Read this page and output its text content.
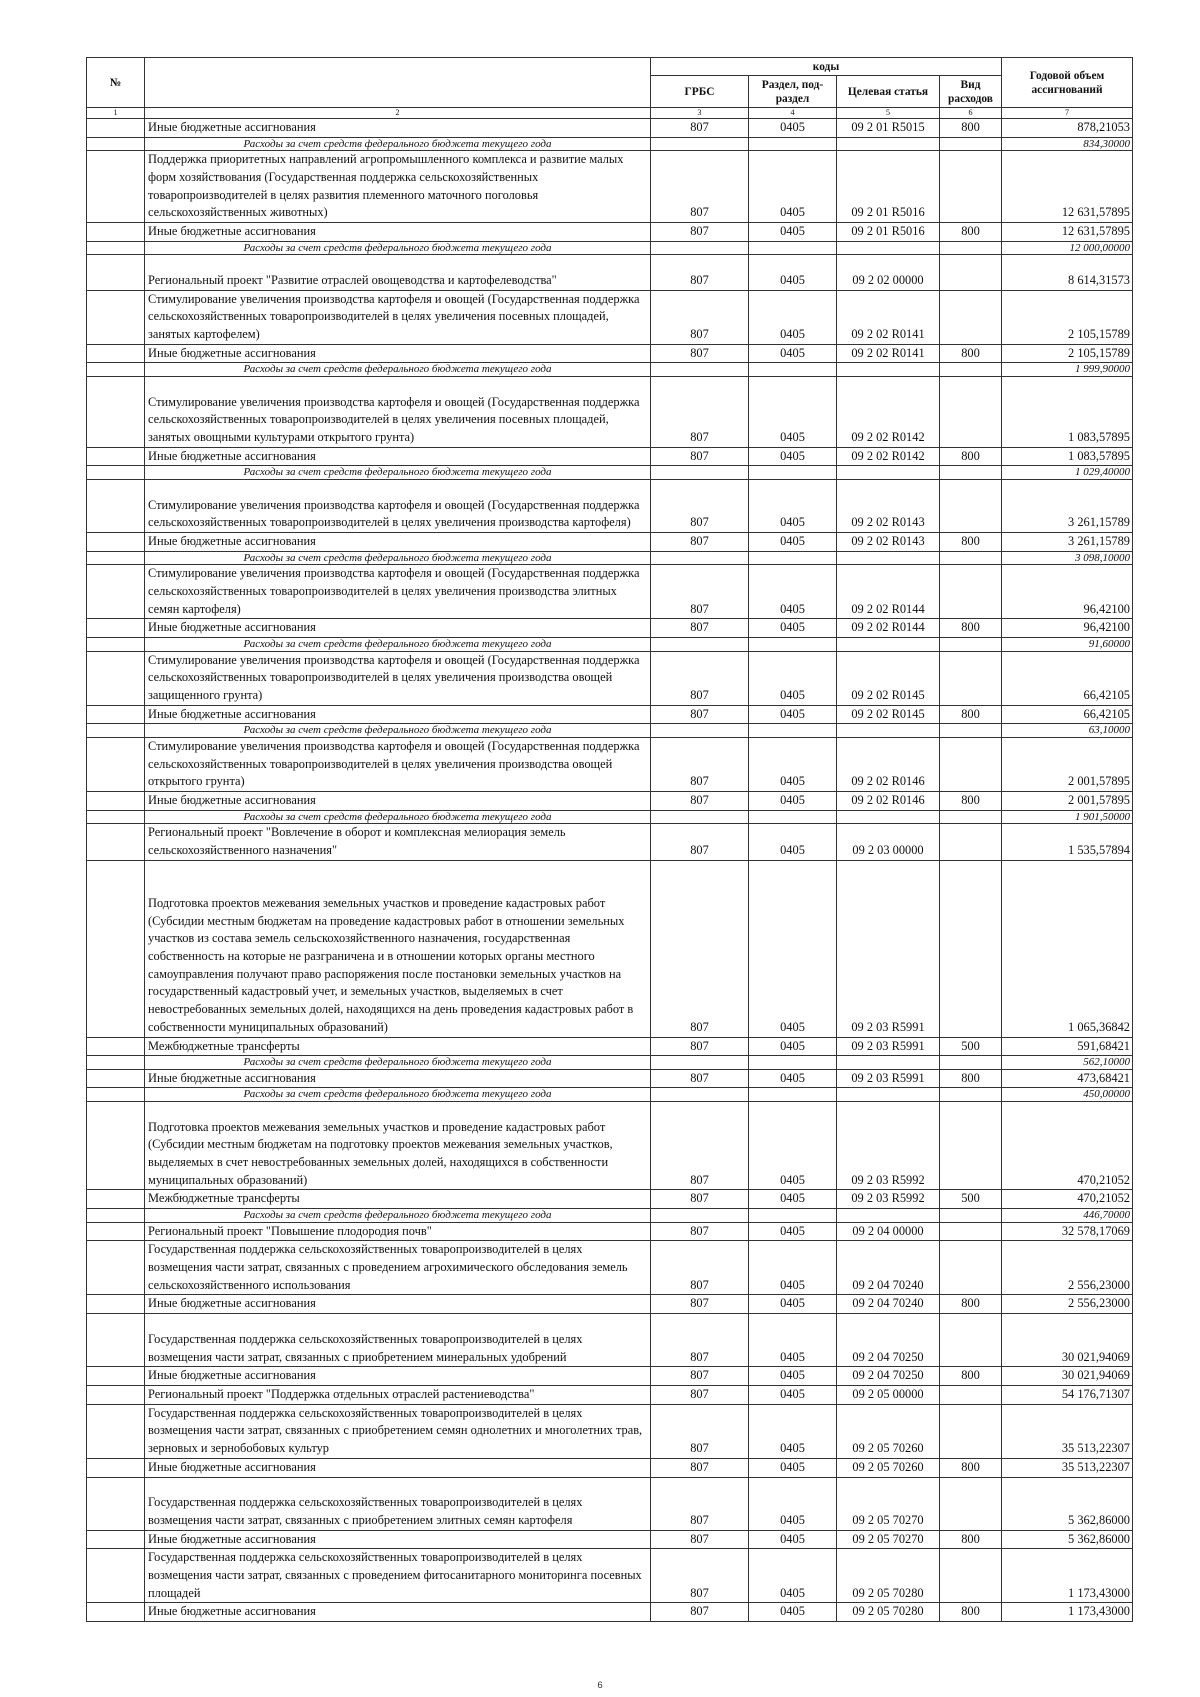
№		коды				Годовой объем ассигнований
		ГРБС	Раздел, под-раздел	Целевая статья	Вид расходов	
1	2	3	4	5	6	7
	Иные бюджетные ассигнования	807	0405	09 2 01 R5015	800	878,21053
	Расходы за счет средств федерального бюджета текущего года					834,30000
	Поддержка приоритетных направлений агропромышленного комплекса и развитие малых форм хозяйствования (Государственная поддержка сельскохозяйственных товаропроизводителей в целях развития племенного маточного поголовья сельскохозяйственных животных)	807	0405	09 2 01 R5016		12 631,57895
	Иные бюджетные ассигнования	807	0405	09 2 01 R5016	800	12 631,57895
	Расходы за счет средств федерального бюджета текущего года					12 000,00000
	Региональный проект "Развитие отраслей овощеводства и картофелеводства"	807	0405	09 2 02 00000		8 614,31573
	Стимулирование увеличения производства картофеля и овощей (Государственная поддержка сельскохозяйственных товаропроизводителей в целях увеличения посевных площадей, занятых картофелем)	807	0405	09 2 02 R0141		2 105,15789
	Иные бюджетные ассигнования	807	0405	09 2 02 R0141	800	2 105,15789
	Расходы за счет средств федерального бюджета текущего года					1 999,90000
	Стимулирование увеличения производства картофеля и овощей (Государственная поддержка сельскохозяйственных товаропроизводителей в целях увеличения посевных площадей, занятых овощными культурами открытого грунта)	807	0405	09 2 02 R0142		1 083,57895
	Иные бюджетные ассигнования	807	0405	09 2 02 R0142	800	1 083,57895
	Расходы за счет средств федерального бюджета текущего года					1 029,40000
	Стимулирование увеличения производства картофеля и овощей (Государственная поддержка сельскохозяйственных товаропроизводителей в целях увеличения производства картофеля)	807	0405	09 2 02 R0143		3 261,15789
	Иные бюджетные ассигнования	807	0405	09 2 02 R0143	800	3 261,15789
	Расходы за счет средств федерального бюджета текущего года					3 098,10000
	Стимулирование увеличения производства картофеля и овощей (Государственная поддержка сельскохозяйственных товаропроизводителей в целях увеличения производства элитных семян картофеля)	807	0405	09 2 02 R0144		96,42100
	Иные бюджетные ассигнования	807	0405	09 2 02 R0144	800	96,42100
	Расходы за счет средств федерального бюджета текущего года					91,60000
	Стимулирование увеличения производства картофеля и овощей (Государственная поддержка сельскохозяйственных товаропроизводителей в целях увеличения производства овощей защищенного грунта)	807	0405	09 2 02 R0145		66,42105
	Иные бюджетные ассигнования	807	0405	09 2 02 R0145	800	66,42105
	Расходы за счет средств федерального бюджета текущего года					63,10000
	Стимулирование увеличения производства картофеля и овощей (Государственная поддержка сельскохозяйственных товаропроизводителей в целях увеличения производства овощей открытого грунта)	807	0405	09 2 02 R0146		2 001,57895
	Иные бюджетные ассигнования	807	0405	09 2 02 R0146	800	2 001,57895
	Расходы за счет средств федерального бюджета текущего года					1 901,50000
	Региональный проект "Вовлечение в оборот и комплексная мелиорация земель сельскохозяйственного назначения"	807	0405	09 2 03 00000		1 535,57894
	Подготовка проектов межевания земельных участков и проведение кадастровых работ (Субсидии местным бюджетам на проведение кадастровых работ в отношении земельных участков из состава земель сельскохозяйственного назначения, государственная собственность на которые не разграничена и в отношении которых органы местного самоуправления получают право распоряжения после постановки земельных участков на государственный кадастровый учет, и земельных участков, выделяемых в счет невостребованных земельных долей, находящихся на день проведения кадастровых работ в собственности муниципальных образований)	807	0405	09 2 03 R5991		1 065,36842
	Межбюджетные трансферты	807	0405	09 2 03 R5991	500	591,68421
	Расходы за счет средств федерального бюджета текущего года					562,10000
	Иные бюджетные ассигнования	807	0405	09 2 03 R5991	800	473,68421
	Расходы за счет средств федерального бюджета текущего года					450,00000
	Подготовка проектов межевания земельных участков и проведение кадастровых работ (Субсидии местным бюджетам на подготовку проектов межевания земельных участков, выделяемых в счет невостребованных земельных долей, находящихся в собственности муниципальных образований)	807	0405	09 2 03 R5992		470,21052
	Межбюджетные трансферты	807	0405	09 2 03 R5992	500	470,21052
	Расходы за счет средств федерального бюджета текущего года					446,70000
	Региональный проект "Повышение плодородия почв"	807	0405	09 2 04 00000		32 578,17069
	Государственная поддержка сельскохозяйственных товаропроизводителей в целях возмещения части затрат, связанных с проведением агрохимического обследования земель сельскохозяйственного использования	807	0405	09 2 04 70240		2 556,23000
	Иные бюджетные ассигнования	807	0405	09 2 04 70240	800	2 556,23000
	Государственная поддержка сельскохозяйственных товаропроизводителей в целях возмещения части затрат, связанных с приобретением минеральных удобрений	807	0405	09 2 04 70250		30 021,94069
	Иные бюджетные ассигнования	807	0405	09 2 04 70250	800	30 021,94069
	Региональный проект "Поддержка отдельных отраслей растениеводства"	807	0405	09 2 05 00000		54 176,71307
	Государственная поддержка сельскохозяйственных товаропроизводителей в целях возмещения части затрат, связанных с приобретением семян однолетних и многолетних трав, зерновых и зернобобовых культур	807	0405	09 2 05 70260		35 513,22307
	Иные бюджетные ассигнования	807	0405	09 2 05 70260	800	35 513,22307
	Государственная поддержка сельскохозяйственных товаропроизводителей в целях возмещения части затрат, связанных с приобретением элитных семян картофеля	807	0405	09 2 05 70270		5 362,86000
	Иные бюджетные ассигнования	807	0405	09 2 05 70270	800	5 362,86000
	Государственная поддержка сельскохозяйственных товаропроизводителей в целях возмещения части затрат, связанных с проведением фитосанитарного мониторинга посевных площадей	807	0405	09 2 05 70280		1 173,43000
	Иные бюджетные ассигнования	807	0405	09 2 05 70280	800	1 173,43000
6
